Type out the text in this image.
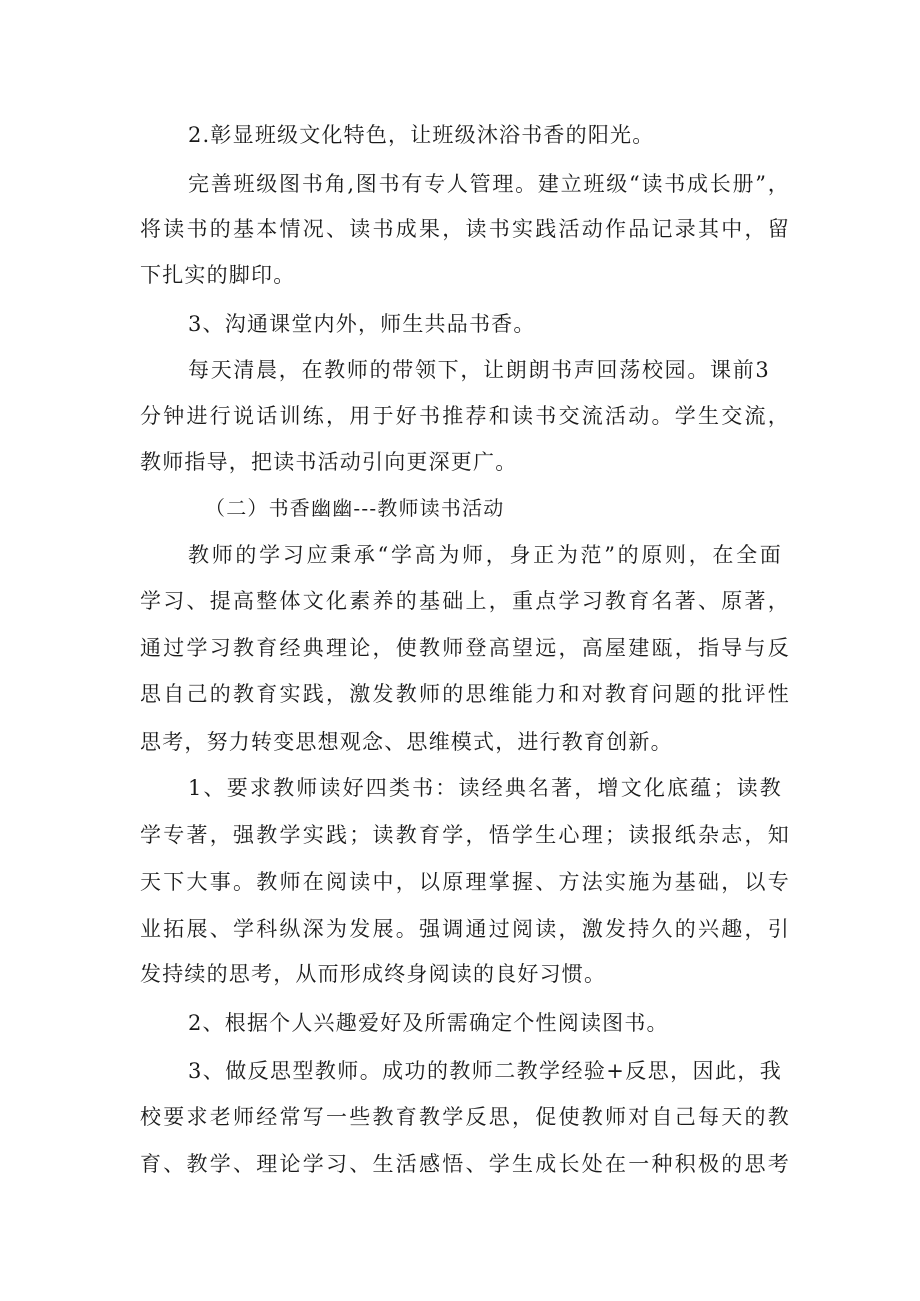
2.彰显班级文化特色，让班级沐浴书香的阳光。

完善班级图书角,图书有专人管理。建立班级“读书成长册”，

将读书的基本情况、读书成果，读书实践活动作品记录其中，留

下扎实的脚印。

3、沟通课堂内外，师生共品书香。

每天清晨，在教师的带领下，让朗朗书声回荡校园。课前3

分钟进行说话训练，用于好书推荐和读书交流活动。学生交流，

教师指导，把读书活动引向更深更广。

（二）书香幽幽---教师读书活动

教师的学习应秉承“学高为师，身正为范”的原则，在全面

学习、提高整体文化素养的基础上，重点学习教育名著、原著，

通过学习教育经典理论，使教师登高望远，高屋建瓯，指导与反

思自己的教育实践，激发教师的思维能力和对教育问题的批评性

思考，努力转变思想观念、思维模式，进行教育创新。

1、要求教师读好四类书：读经典名著，增文化底蕴；读教

学专著，强教学实践；读教育学，悟学生心理；读报纸杂志，知

天下大事。教师在阅读中，以原理掌握、方法实施为基础，以专

业拓展、学科纵深为发展。强调通过阅读，激发持久的兴趣，引

发持续的思考，从而形成终身阅读的良好习惯。

2、根据个人兴趣爱好及所需确定个性阅读图书。

3、做反思型教师。成功的教师二教学经验+反思，因此，我

校要求老师经常写一些教育教学反思，促使教师对自己每天的教

育、教学、理论学习、生活感悟、学生成长处在一种积极的思考
